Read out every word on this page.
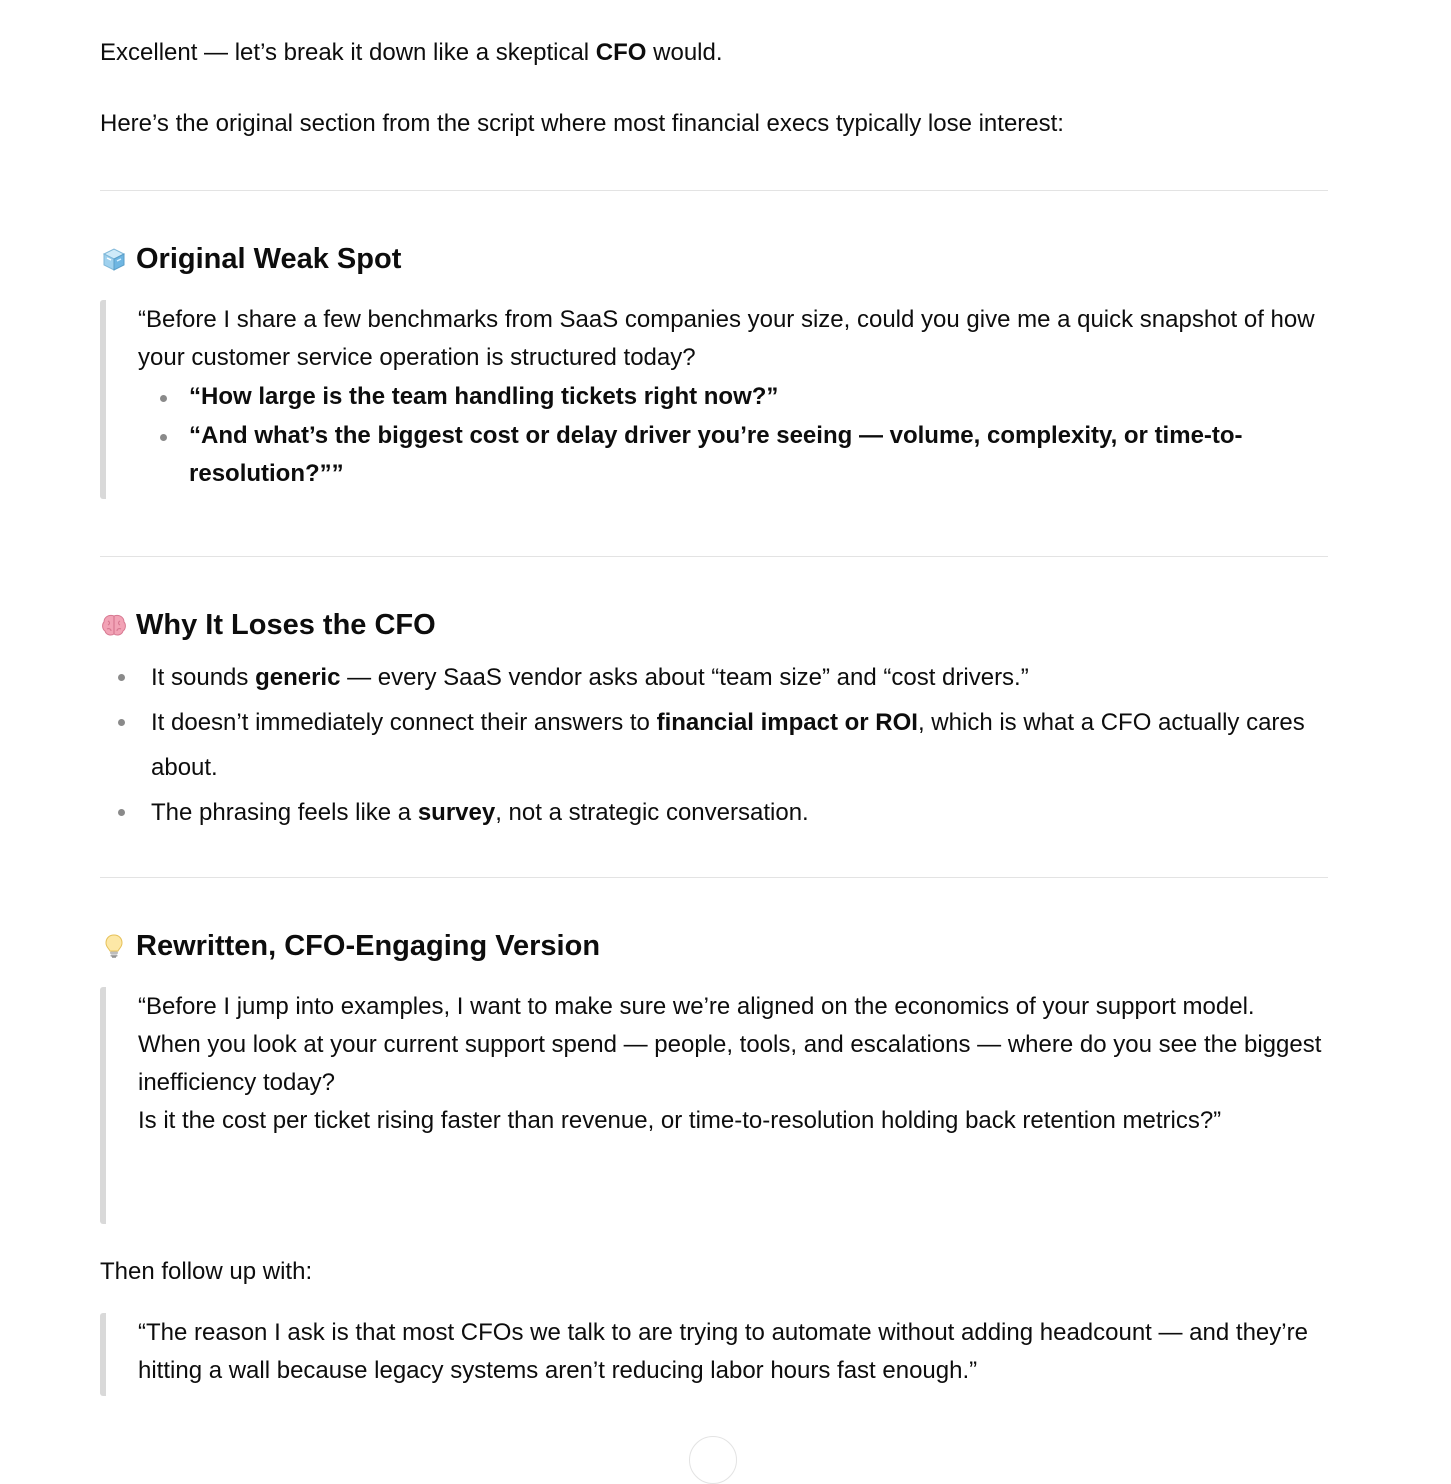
Excellent — let’s break it down like a skeptical CFO would.

Here’s the original section from the script where most financial execs typically lose interest:

Original Weak Spot

“Before I share a few benchmarks from SaaS companies your size, could you give me a quick snapshot of how your customer service operation is structured today?

“How large is the team handling tickets right now?”
“And what’s the biggest cost or delay driver you’re seeing — volume, complexity, or time-to-resolution?””
Why It Loses the CFO
It sounds generic — every SaaS vendor asks about “team size” and “cost drivers.”
It doesn’t immediately connect their answers to financial impact or ROI, which is what a CFO actually cares about.
The phrasing feels like a survey, not a strategic conversation.
Rewritten, CFO-Engaging Version

“Before I jump into examples, I want to make sure we’re aligned on the economics of your support model.

When you look at your current support spend — people, tools, and escalations — where do you see the biggest inefficiency today?

Is it the cost per ticket rising faster than revenue, or time-to-resolution holding back retention metrics?”

Then follow up with:

“The reason I ask is that most CFOs we talk to are trying to automate without adding headcount — and they’re hitting a wall because legacy systems aren’t reducing labor hours fast enough.”
